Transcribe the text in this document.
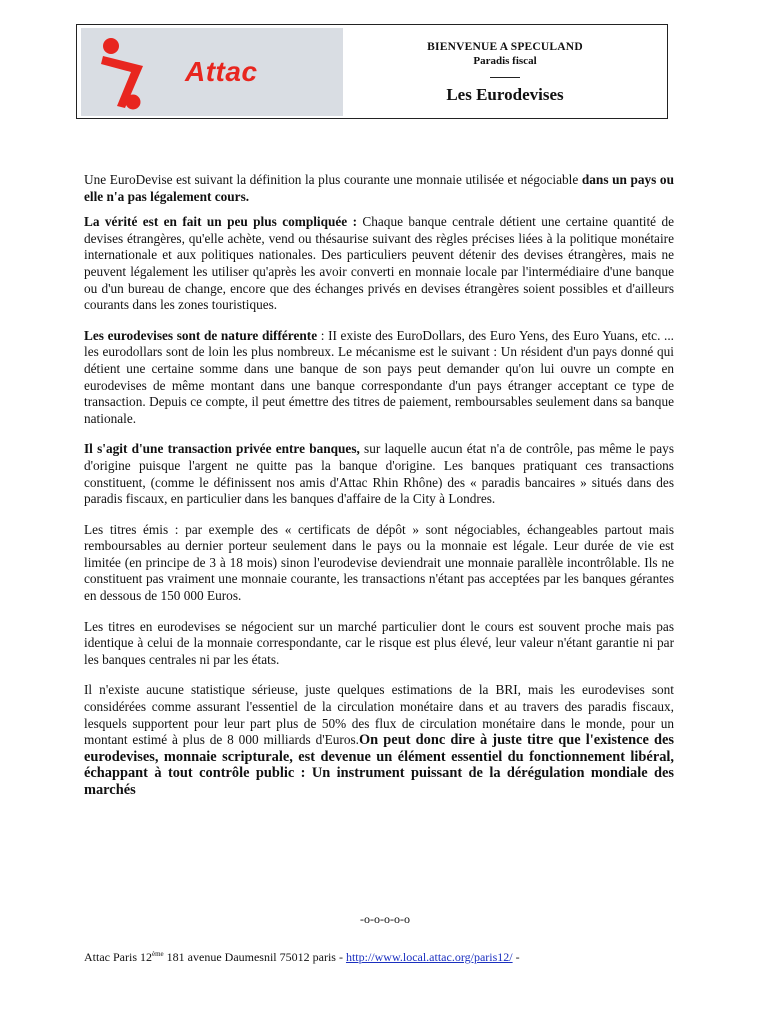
Attac
BIENVENUE A SPECULAND
Paradis fiscal
Les Eurodevises

Une EuroDevise est suivant la définition la plus courante une monnaie utilisée et négociable dans un pays ou elle n'a pas légalement cours.

La vérité est en fait un peu plus compliquée : Chaque banque centrale détient une certaine quantité de devises étrangères, qu'elle achète, vend ou thésaurise suivant des règles précises liées à la politique monétaire internationale et aux politiques nationales. Des particuliers peuvent détenir des devises étrangères, mais ne peuvent légalement les utiliser qu'après les avoir converti en monnaie locale par l'intermédiaire d'une banque ou d'un bureau de change, encore que des échanges privés en devises étrangères soient possibles et d'ailleurs courants dans les zones touristiques.

Les eurodevises sont de nature différente : II existe des EuroDollars, des Euro Yens, des Euro Yuans, etc. ... les eurodollars sont de loin les plus nombreux. Le mécanisme est le suivant : Un résident d'un pays donné qui détient une certaine somme dans une banque de son pays peut demander qu'on lui ouvre un compte en eurodevises de même montant dans une banque correspondante d'un pays étranger acceptant ce type de transaction. Depuis ce compte, il peut émettre des titres de paiement, remboursables seulement dans sa banque nationale.

Il s'agit d'une transaction privée entre banques, sur laquelle aucun état n'a de contrôle, pas même le pays d'origine puisque l'argent ne quitte pas la banque d'origine. Les banques pratiquant ces transactions constituent, (comme le définissent nos amis d'Attac Rhin Rhône) des « paradis bancaires » situés dans des paradis fiscaux, en particulier dans les banques d'affaire de la City à Londres.

Les titres émis : par exemple des « certificats de dépôt » sont négociables, échangeables partout mais remboursables au dernier porteur seulement dans le pays ou la monnaie est légale. Leur durée de vie est limitée (en principe de 3 à 18 mois) sinon l'eurodevise deviendrait une monnaie parallèle incontrôlable. Ils ne constituent pas vraiment une monnaie courante, les transactions n'étant pas acceptées par les banques gérantes en dessous de 150 000 Euros.

Les titres en eurodevises se négocient sur un marché particulier dont le cours est souvent proche mais pas identique à celui de la monnaie correspondante, car le risque est plus élevé, leur valeur n'étant garantie ni par les banques centrales ni par les états.

Il n'existe aucune statistique sérieuse, juste quelques estimations de la BRI, mais les eurodevises sont considérées comme assurant l'essentiel de la circulation monétaire dans et au travers des paradis fiscaux, lesquels supportent pour leur part plus de 50% des flux de circulation monétaire dans le monde, pour un montant estimé à plus de 8 000 milliards d'Euros.On peut donc dire à juste titre que l'existence des eurodevises, monnaie scripturale, est devenue un élément essentiel du fonctionnement libéral, échappant à tout contrôle public : Un instrument puissant de la dérégulation mondiale des marchés

-o-o-o-o-o
Attac Paris 12ème 181 avenue Daumesnil 75012 paris - http://www.local.attac.org/paris12/ -
